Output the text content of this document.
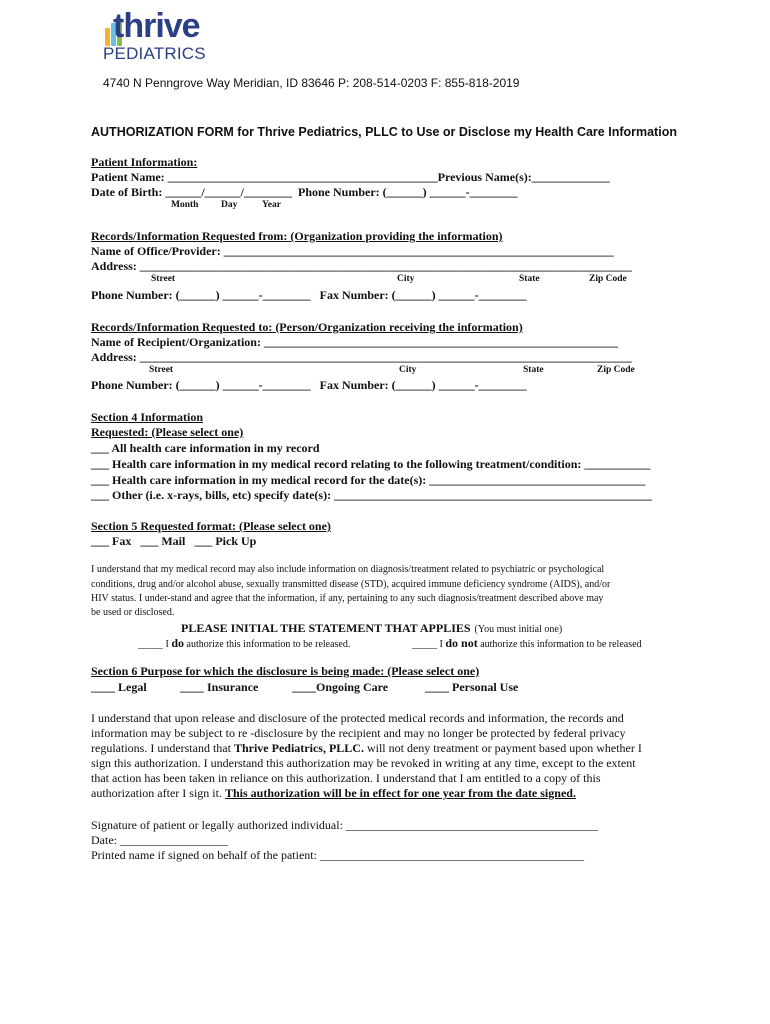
thrive
PEDIATRICS
4740 N Penngrove Way Meridian, ID 83646 P: 208-514-0203 F: 855-818-2019
AUTHORIZATION FORM for Thrive Pediatrics, PLLC to Use or Disclose my Health Care Information
Patient Information:
Patient Name: _____________________________________________Previous Name(s):_____________
Date of Birth: ______/______/________  Phone Number: (______) ______-________
Month Day	Year
Records/Information Requested from: (Organization providing the information)
Name of Office/Provider: _________________________________________________________________
Address: __________________________________________________________________________________
Street	City	State	Zip Code
Phone Number: (______) ______-________   Fax Number: (______) ______-________
Records/Information Requested to: (Person/Organization receiving the information)
Name of Recipient/Organization: ___________________________________________________________
Address: __________________________________________________________________________________
Street	City	State	Zip Code
Phone Number: (______) ______-________   Fax Number: (______) ______-________
Section 4 Information
Requested: (Please select one)
___ All health care information in my record
___ Health care information in my medical record relating to the following treatment/condition: ___________
___ Health care information in my medical record for the date(s): ____________________________________
___ Other (i.e. x-rays, bills, etc) specify date(s): _____________________________________________________
Section 5 Requested format: (Please select one)
___ Fax   ___ Mail   ___ Pick Up
I understand that my medical record may also include information on diagnosis/treatment related to psychiatric or psychological
conditions, drug and/or alcohol abuse, sexually transmitted disease (STD), acquired immune deficiency syndrome (AIDS), and/or
HIV status. I under-stand and agree that the information, if any, pertaining to any such diagnosis/treatment described above may
be used or disclosed.
PLEASE INITIAL THE STATEMENT THAT APPLIES (You must initial one)
_____ I do authorize this information to be released.	_____ I do not authorize this information to be released
Section 6 Purpose for which the disclosure is being made: (Please select one)
____ Legal	____ Insurance	____Ongoing Care	____ Personal Use
I understand that upon release and disclosure of the protected medical records and information, the records and
information may be subject to re -disclosure by the recipient and may no longer be protected by federal privacy
regulations. I understand that Thrive Pediatrics, PLLC. will not deny treatment or payment based upon whether I
sign this authorization. I understand this authorization may be revoked in writing at any time, except to the extent
that action has been taken in reliance on this authorization. I understand that I am entitled to a copy of this
authorization after I sign it. This authorization will be in effect for one year from the date signed.
Signature of patient or legally authorized individual: __________________________________________
Date: __________________
Printed name if signed on behalf of the patient: ____________________________________________
